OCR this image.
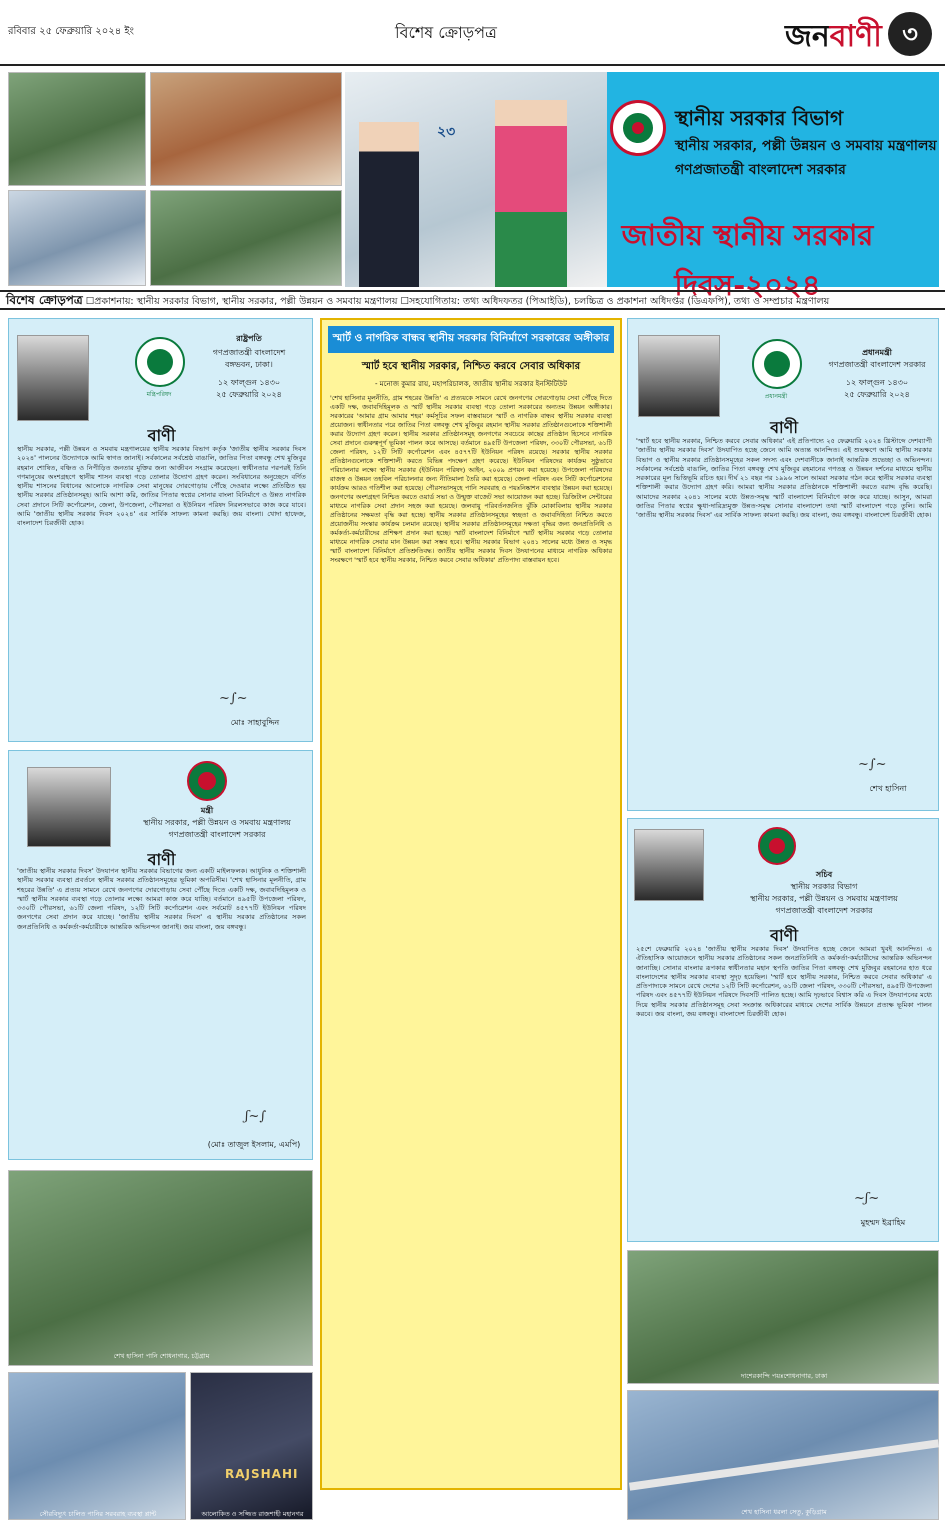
রবিবার ২৫ ফেব্রুয়ারি ২০২৪ ইং	বিশেষ ক্রোড়পত্র	জনবাণী ৩
২৩
স্থানীয় সরকার বিভাগ
স্থানীয় সরকার, পল্লী উন্নয়ন ও সমবায় মন্ত্রণালয়
গণপ্রজাতন্ত্রী বাংলাদেশ সরকার
জাতীয় স্থানীয় সরকার দিবস-২০২৪
বিশেষ ক্রোড়পত্র ☐প্রকাশনায়: স্থানীয় সরকার বিভাগ, স্থানীয় সরকার, পল্লী উন্নয়ন ও সমবায় মন্ত্রণালয় ☐সহযোগিতায়: তথ্য অধিদফতর (পিআইডি), চলচ্চিত্র ও প্রকাশনা অধিদপ্তর (ডিএফপি), তথ্য ও সম্প্রচার মন্ত্রণালয়
মন্ত্রিপরিষদ
রাষ্ট্রপতি
গণপ্রজাতন্ত্রী বাংলাদেশ
বঙ্গভবন, ঢাকা।
১২ ফাল্গুন ১৪৩০
২৫ ফেব্রুয়ারি ২০২৪
বাণী
স্থানীয় সরকার, পল্লী উন্নয়ন ও সমবায় মন্ত্রণালয়ের স্থানীয় সরকার বিভাগ কর্তৃক 'জাতীয় স্থানীয় সরকার দিবস ২০২৪' পালনের উদ্যোগকে আমি স্বাগত জানাই। সর্বকালের সর্বশ্রেষ্ঠ বাঙালি, জাতির পিতা বঙ্গবন্ধু শেখ মুজিবুর রহমান শোষিত, বঞ্চিত ও নিপীড়িত জনতার মুক্তির জন্য আজীবন সংগ্রাম করেছেন। স্বাধীনতার পরপরই তিনি গণমানুষের অংশগ্রহণে স্থানীয় শাসন ব্যবস্থা গড়ে তোলার উদ্যোগ গ্রহণ করেন। সংবিধানের অনুচ্ছেদে বর্ণিত স্থানীয় শাসনের বিধানের আলোকে নাগরিক সেবা মানুষের দোরগোড়ায় পৌঁছে দেওয়ার লক্ষ্যে প্রতিষ্ঠিত হয় স্থানীয় সরকার প্রতিষ্ঠানসমূহ। আমি আশা করি, জাতির পিতার স্বপ্নের সোনার বাংলা বিনির্মাণে ও উন্নত নাগরিক সেবা প্রদানে সিটি কর্পোরেশন, জেলা, উপজেলা, পৌরসভা ও ইউনিয়ন পরিষদ নিরলসভাবে কাজ করে যাবে। আমি 'জাতীয় স্থানীয় সরকার দিবস ২০২৪' এর সার্বিক সাফল্য কামনা করছি। জয় বাংলা। খোদা হাফেজ, বাংলাদেশ চিরজীবী হোক।
~∫~
মোঃ সাহাবুদ্দিন
মন্ত্রী
স্থানীয় সরকার, পল্লী উন্নয়ন ও সমবায় মন্ত্রণালয়
গণপ্রজাতন্ত্রী বাংলাদেশ সরকার
বাণী
'জাতীয় স্থানীয় সরকার দিবস' উদযাপন স্থানীয় সরকার বিভাগের জন্য একটি মাইলফলক। আধুনিক ও শক্তিশালী স্থানীয় সরকার ব্যবস্থা প্রবর্তনে স্থানীয় সরকার প্রতিষ্ঠানসমূহের ভূমিকা অপরিসীম। 'শেখ হাসিনার মূলনীতি, গ্রাম শহরের উন্নতি' এ প্রত্যয় সামনে রেখে জনগণের দোরগোড়ায় সেবা পৌঁছে দিতে একটি দক্ষ, জবাবদিহিমূলক ও স্মার্ট স্থানীয় সরকার ব্যবস্থা গড়ে তোলার লক্ষ্যে আমরা কাজ করে যাচ্ছি। বর্তমানে ৪৯৫টি উপজেলা পরিষদ, ৩৩০টি পৌরসভা, ৬১টি জেলা পরিষদ, ১২টি সিটি কর্পোরেশন এবং সর্বমোট ৪৫৭৭টি ইউনিয়ন পরিষদ জনগণের সেবা প্রদান করে যাচ্ছে। 'জাতীয় স্থানীয় সরকার দিবস' এ স্থানীয় সরকার প্রতিষ্ঠানের সকল জনপ্রতিনিধি ও কর্মকর্তা-কর্মচারীকে আন্তরিক অভিনন্দন জানাই। জয় বাংলা, জয় বঙ্গবন্ধু।
ʃ~∫
(মোঃ তাজুল ইসলাম, এমপি)
স্মার্ট ও নাগরিক বান্ধব স্থানীয় সরকার বিনির্মাণে সরকারের অঙ্গীকার
স্মার্ট হবে স্থানীয় সরকার, নিশ্চিত করবে সেবার অধিকার
- মনোজ কুমার রায়, মহাপরিচালক, জাতীয় স্থানীয় সরকার ইনস্টিটিউট
'শেখ হাসিনার মূলনীতি, গ্রাম শহরের উন্নতি' এ প্রত্যয়কে সামনে রেখে জনগণের দোরগোড়ায় সেবা পৌঁছে দিতে একটি দক্ষ, জবাবদিহিমূলক ও স্মার্ট স্থানীয় সরকার ব্যবস্থা গড়ে তোলা সরকারের অন্যতম উন্নয়ন অঙ্গীকার। সরকারের 'আমার গ্রাম আমার শহর' কর্মসূচির সফল বাস্তবায়নে স্মার্ট ও নাগরিক বান্ধব স্থানীয় সরকার ব্যবস্থা প্রয়োজন। স্বাধীনতার পরে জাতির পিতা বঙ্গবন্ধু শেখ মুজিবুর রহমান স্থানীয় সরকার প্রতিষ্ঠানগুলোকে শক্তিশালী করার উদ্যোগ গ্রহণ করেন। স্থানীয় সরকার প্রতিষ্ঠানসমূহ জনগণের সবচেয়ে কাছের প্রতিষ্ঠান হিসেবে নাগরিক সেবা প্রদানে গুরুত্বপূর্ণ ভূমিকা পালন করে আসছে। বর্তমানে ৪৯৫টি উপজেলা পরিষদ, ৩৩০টি পৌরসভা, ৬১টি জেলা পরিষদ, ১২টি সিটি কর্পোরেশন এবং ৪৫৭৭টি ইউনিয়ন পরিষদ রয়েছে। সরকার স্থানীয় সরকার প্রতিষ্ঠানগুলোকে শক্তিশালী করতে বিভিন্ন পদক্ষেপ গ্রহণ করেছে। ইউনিয়ন পরিষদের কার্যক্রম সুষ্ঠুভাবে পরিচালনার লক্ষ্যে স্থানীয় সরকার (ইউনিয়ন পরিষদ) আইন, ২০০৯ প্রণয়ন করা হয়েছে। উপজেলা পরিষদের রাজস্ব ও উন্নয়ন তহবিল পরিচালনার জন্য নীতিমালা তৈরি করা হয়েছে। জেলা পরিষদ এবং সিটি কর্পোরেশনের কার্যক্রম আরও গতিশীল করা হয়েছে। পৌরসভাসমূহে পানি সরবরাহ ও পয়ঃনিষ্কাশন ব্যবস্থার উন্নয়ন করা হয়েছে। জনগণের অংশগ্রহণ নিশ্চিত করতে ওয়ার্ড সভা ও উন্মুক্ত বাজেট সভা আয়োজন করা হচ্ছে। ডিজিটাল সেন্টারের মাধ্যমে নাগরিক সেবা প্রদান সহজ করা হয়েছে। জলবায়ু পরিবর্তনজনিত ঝুঁকি মোকাবিলায় স্থানীয় সরকার প্রতিষ্ঠানের সক্ষমতা বৃদ্ধি করা হচ্ছে। স্থানীয় সরকার প্রতিষ্ঠানসমূহের স্বচ্ছতা ও জবাবদিহিতা নিশ্চিত করতে প্রয়োজনীয় সংস্কার কার্যক্রম চলমান রয়েছে। স্থানীয় সরকার প্রতিষ্ঠানসমূহের দক্ষতা বৃদ্ধির জন্য জনপ্রতিনিধি ও কর্মকর্তা-কর্মচারীদের প্রশিক্ষণ প্রদান করা হচ্ছে। স্মার্ট বাংলাদেশ বিনির্মাণে স্মার্ট স্থানীয় সরকার গড়ে তোলার মাধ্যমে নাগরিক সেবার মান উন্নয়ন করা সম্ভব হবে। স্থানীয় সরকার বিভাগ ২০৪১ সালের মধ্যে উন্নত ও সমৃদ্ধ স্মার্ট বাংলাদেশ বিনির্মাণে প্রতিশ্রুতিবদ্ধ। জাতীয় স্থানীয় সরকার দিবস উদযাপনের মাধ্যমে নাগরিক অধিকার সংরক্ষণে 'স্মার্ট হবে স্থানীয় সরকার, নিশ্চিত করবে সেবার অধিকার' প্রতিপাদ্য বাস্তবায়ন হবে।
প্রধানমন্ত্রী
প্রধানমন্ত্রী
গণপ্রজাতন্ত্রী বাংলাদেশ সরকার
১২ ফাল্গুন ১৪৩০
২৫ ফেব্রুয়ারি ২০২৪
বাণী
'স্মার্ট হবে স্থানীয় সরকার, নিশ্চিত করবে সেবার অধিকার' এই প্রতিপাদ্যে ২৫ ফেব্রুয়ারি ২০২৪ খ্রিস্টাব্দে দেশব্যাপী 'জাতীয় স্থানীয় সরকার দিবস' উদযাপিত হচ্ছে জেনে আমি অত্যন্ত আনন্দিত। এই শুভক্ষণে আমি স্থানীয় সরকার বিভাগ ও স্থানীয় সরকার প্রতিষ্ঠানসমূহের সকল সদস্য এবং দেশবাসীকে জানাই আন্তরিক শুভেচ্ছা ও অভিনন্দন। সর্বকালের সর্বশ্রেষ্ঠ বাঙালি, জাতির পিতা বঙ্গবন্ধু শেখ মুজিবুর রহমানের গণতন্ত্র ও উন্নয়ন দর্শনের মাধ্যমে স্থানীয় সরকারের মূল ভিত্তিভূমি রচিত হয়। দীর্ঘ ২১ বছর পর ১৯৯৬ সালে আমরা সরকার গঠন করে স্থানীয় সরকার ব্যবস্থা শক্তিশালী করার উদ্যোগ গ্রহণ করি। আমরা স্থানীয় সরকার প্রতিষ্ঠানকে শক্তিশালী করতে বরাদ্দ বৃদ্ধি করেছি। আমাদের সরকার ২০৪১ সালের মধ্যে উন্নত-সমৃদ্ধ স্মার্ট বাংলাদেশ বিনির্মাণে কাজ করে যাচ্ছে। আসুন, আমরা জাতির পিতার স্বপ্নের ক্ষুধা-দারিদ্র্যমুক্ত উন্নত-সমৃদ্ধ সোনার বাংলাদেশ তথা স্মার্ট বাংলাদেশ গড়ে তুলি। আমি 'জাতীয় স্থানীয় সরকার দিবস' এর সার্বিক সাফল্য কামনা করছি। জয় বাংলা, জয় বঙ্গবন্ধু। বাংলাদেশ চিরজীবী হোক।
~∫~
শেখ হাসিনা
সচিব
স্থানীয় সরকার বিভাগ
স্থানীয় সরকার, পল্লী উন্নয়ন ও সমবায় মন্ত্রণালয়
গণপ্রজাতন্ত্রী বাংলাদেশ সরকার
বাণী
২৫শে ফেব্রুয়ারি ২০২৪ 'জাতীয় স্থানীয় সরকার দিবস' উদযাপিত হচ্ছে জেনে আমরা খুবই আনন্দিত। এ ঐতিহাসিক আয়োজনে স্থানীয় সরকার প্রতিষ্ঠানের সকল জনপ্রতিনিধি ও কর্মকর্তা-কর্মচারীদের আন্তরিক অভিনন্দন জানাচ্ছি। সোনার বাংলার রূপকার স্বাধীনতার মহান স্থপতি জাতির পিতা বঙ্গবন্ধু শেখ মুজিবুর রহমানের হাত ধরে বাংলাদেশের স্থানীয় সরকার ব্যবস্থা সুদৃঢ় হয়েছিল। 'স্মার্ট হবে স্থানীয় সরকার, নিশ্চিত করবে সেবার অধিকার' এ প্রতিপাদ্যকে সামনে রেখে দেশের ১২টি সিটি কর্পোরেশন, ৬১টি জেলা পরিষদ, ৩৩০টি পৌরসভা, ৪৯৫টি উপজেলা পরিষদ এবং ৪৫৭৭টি ইউনিয়ন পরিষদে দিবসটি পালিত হচ্ছে। আমি দৃঢ়ভাবে বিশ্বাস করি এ দিবস উদযাপনের মধ্যে দিয়ে স্থানীয় সরকার প্রতিষ্ঠানসমূহ সেবা সংক্রান্ত অধিকারের মাধ্যমে দেশের সার্বিক উন্নয়নে প্রত্যক্ষ ভূমিকা পালন করবে। জয় বাংলা, জয় বঙ্গবন্ধু। বাংলাদেশ চিরজীবী হোক।
~ʃ~
মুহম্মদ ইব্রাহিম
শেখ হাসিনা পানি শোধনাগার, চট্টগ্রাম
সৌরবিদ্যুৎ চালিত পানির সরবরাহ ব্যবস্থা প্লান্ট
RAJSHAHI
আলোকিত ও সজ্জিত রাজশাহী মহানগর
দাশেরকান্দি পয়ঃশোধনাগার, ঢাকা
শেখ হাসিনা ধরলা সেতু, কুড়িগ্রাম
